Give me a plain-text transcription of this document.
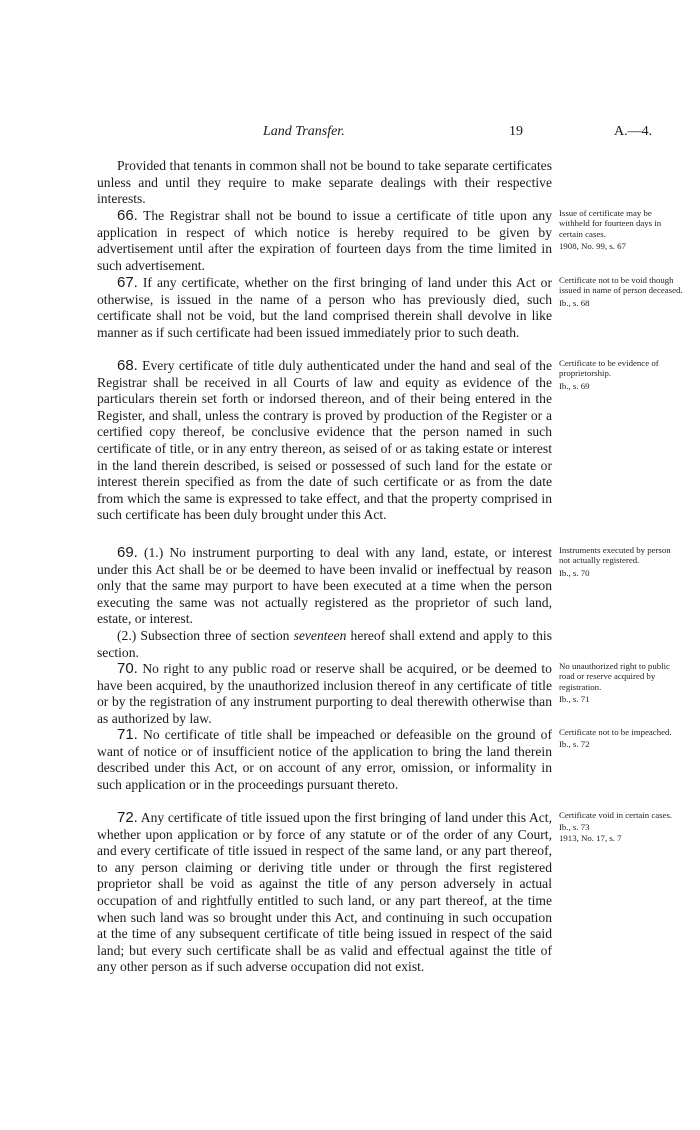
Land Transfer.	19	A.—4.

Provided that tenants in common shall not be bound to take separate certificates unless and until they require to make separate dealings with their respective interests.

66. The Registrar shall not be bound to issue a certificate of title upon any application in respect of which notice is hereby required to be given by advertisement until after the expiration of fourteen days from the time limited in such advertisement.

Issue of certificate may be withheld for fourteen days in certain cases.
1908, No. 99, s. 67

67. If any certificate, whether on the first bringing of land under this Act or otherwise, is issued in the name of a person who has previously died, such certificate shall not be void, but the land comprised therein shall devolve in like manner as if such certificate had been issued immediately prior to such death.

Certificate not to be void though issued in name of person deceased.
Ib., s. 68

68. Every certificate of title duly authenticated under the hand and seal of the Registrar shall be received in all Courts of law and equity as evidence of the particulars therein set forth or indorsed thereon, and of their being entered in the Register, and shall, unless the contrary is proved by production of the Register or a certified copy thereof, be conclusive evidence that the person named in such certificate of title, or in any entry thereon, as seised of or as taking estate or interest in the land therein described, is seised or possessed of such land for the estate or interest therein specified as from the date of such certificate or as from the date from which the same is expressed to take effect, and that the property comprised in such certificate has been duly brought under this Act.

Certificate to be evidence of proprietorship.
Ib., s. 69

69. (1.) No instrument purporting to deal with any land, estate, or interest under this Act shall be or be deemed to have been invalid or ineffectual by reason only that the same may purport to have been executed at a time when the person executing the same was not actually registered as the proprietor of such land, estate, or interest.

(2.) Subsection three of section seventeen hereof shall extend and apply to this section.

Instruments executed by person not actually registered.
Ib., s. 70

70. No right to any public road or reserve shall be acquired, or be deemed to have been acquired, by the unauthorized inclusion thereof in any certificate of title or by the registration of any instrument purporting to deal therewith otherwise than as authorized by law.

No unauthorized right to public road or reserve acquired by registration.
Ib., s. 71

71. No certificate of title shall be impeached or defeasible on the ground of want of notice or of insufficient notice of the application to bring the land therein described under this Act, or on account of any error, omission, or informality in such application or in the proceedings pursuant thereto.

Certificate not to be impeached.
Ib., s. 72

72. Any certificate of title issued upon the first bringing of land under this Act, whether upon application or by force of any statute or of the order of any Court, and every certificate of title issued in respect of the same land, or any part thereof, to any person claiming or deriving title under or through the first registered proprietor shall be void as against the title of any person adversely in actual occupation of and rightfully entitled to such land, or any part thereof, at the time when such land was so brought under this Act, and continuing in such occupation at the time of any subsequent certificate of title being issued in respect of the said land; but every such certificate shall be as valid and effectual against the title of any other person as if such adverse occupation did not exist.

Certificate void in certain cases.
Ib., s. 73
1913, No. 17, s. 7
